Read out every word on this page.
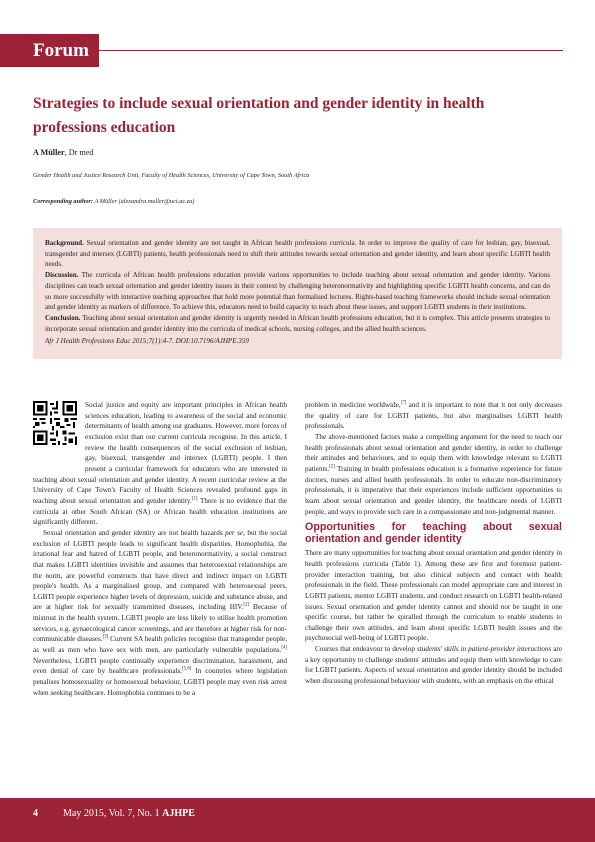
Forum
Strategies to include sexual orientation and gender identity in health professions education
A Müller, Dr med
Gender Health and Justice Research Unit, Faculty of Health Sciences, University of Cape Town, South Africa
Corresponding author: A Müller (alexandra.muller@uct.ac.za)

Background. Sexual orientation and gender identity are not taught in African health professions curricula. In order to improve the quality of care for lesbian, gay, bisexual, transgender and intersex (LGBTI) patients, health professionals need to shift their attitudes towards sexual orientation and gender identity, and learn about specific LGBTI health needs.

Discussion. The curricula of African health professions education provide various opportunities to include teaching about sexual orientation and gender identity. Various disciplines can teach sexual orientation and gender identity issues in their context by challenging heteronormativity and highlighting specific LGBTI health concerns, and can do so more successfully with interactive teaching approaches that hold more potential than formalised lectures. Rights-based teaching frameworks should include sexual orientation and gender identity as markers of difference. To achieve this, educators need to build capacity to teach about these issues, and support LGBTI students in their institutions.

Conclusion. Teaching about sexual orientation and gender identity is urgently needed in African health professions education, but it is complex. This article presents strategies to incorporate sexual orientation and gender identity into the curricula of medical schools, nursing colleges, and the allied health sciences.

Afr J Health Professions Educ 2015;7(1):4-7. DOI:10.7196/AJHPE.359

Social justice and equity are important principles in African health sciences education, leading to awareness of the social and economic determinants of health among our graduates. However, more forces of exclusion exist than our current curricula recognise. In this article, I review the health consequences of the social exclusion of lesbian, gay, bisexual, transgender and intersex (LGBTI) people. I then present a curricular framework for educators who are interested in teaching about sexual orientation and gender identity. A recent curricular review at the University of Cape Town's Faculty of Health Sciences revealed profound gaps in teaching about sexual orientation and gender identity.[1] There is no evidence that the curricula at other South African (SA) or African health education institutions are significantly different.

Sexual orientation and gender identity are not health hazards per se, but the social exclusion of LGBTI people leads to significant health disparities. Homophobia, the irrational fear and hatred of LGBTI people, and heteronormativity, a social construct that makes LGBTI identities invisible and assumes that heterosexual relationships are the norm, are powerful constructs that have direct and indirect impact on LGBTI people's health. As a marginalised group, and compared with heterosexual peers, LGBTI people experience higher levels of depression, suicide and substance abuse, and are at higher risk for sexually transmitted diseases, including HIV.[2] Because of mistrust in the health system, LGBTI people are less likely to utilise health promotion services, e.g. gynaecological cancer screenings, and are therefore at higher risk for non-communicable diseases.[3] Current SA health policies recognise that transgender people, as well as men who have sex with men, are particularly vulnerable populations.[4] Nevertheless, LGBTI people continually experience discrimination, harassment, and even denial of care by healthcare professionals.[5,6] In countries where legislation penalises homosexuality or homosexual behaviour, LGBTI people may even risk arrest when seeking healthcare. Homophobia continues to be a

problem in medicine worldwide,[7] and it is important to note that it not only decreases the quality of care for LGBTI patients, but also marginalises LGBTI health professionals.

The above-mentioned factors make a compelling argument for the need to teach our health professionals about sexual orientation and gender identity, in order to challenge their attitudes and behaviours, and to equip them with knowledge relevant to LGBTI patients.[2] Training in health professions education is a formative experience for future doctors, nurses and allied health professionals. In order to educate non-discriminatory professionals, it is imperative that their experiences include sufficient opportunities to learn about sexual orientation and gender identity, the healthcare needs of LGBTI people, and ways to provide such care in a compassionate and non-judgmental manner.

Opportunities for teaching about sexual orientation and gender identity

There are many opportunities for teaching about sexual orientation and gender identity in health professions curricula (Table 1). Among these are first and foremost patient-provider interaction training, but also clinical subjects and contact with health professionals in the field. These professionals can model appropriate care and interest in LGBTI patients, mentor LGBTI students, and conduct research on LGBTI health-related issues. Sexual orientation and gender identity cannot and should not be taught in one specific course, but rather be spiralled through the curriculum to enable students to challenge their own attitudes, and learn about specific LGBTI health issues and the psychosocial well-being of LGBTI people.

Courses that endeavour to develop students' skills in patient-provider interactions are a key opportunity to challenge students' attitudes and equip them with knowledge to care for LGBTI patients. Aspects of sexual orientation and gender identity should be included when discussing professional behaviour with students, with an emphasis on the ethical

4	May 2015, Vol. 7, No. 1 AJHPE
